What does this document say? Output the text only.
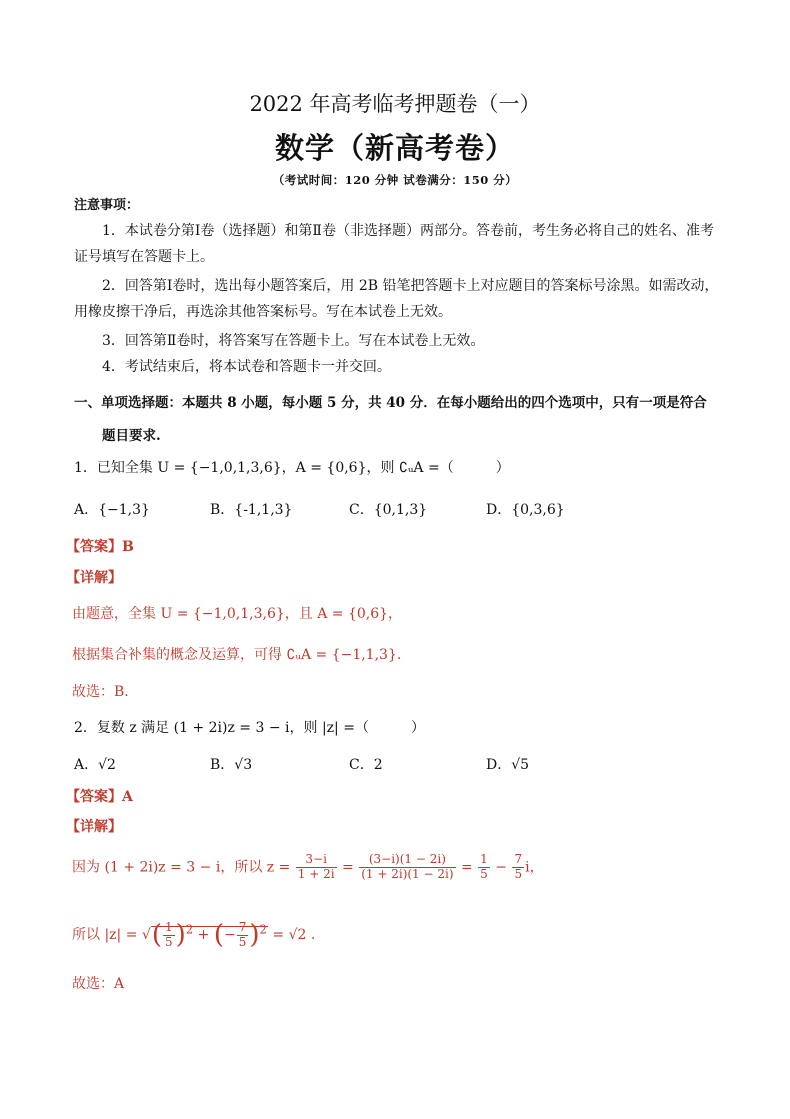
2022 年高考临考押题卷（一）
数学（新高考卷）
（考试时间：120 分钟 试卷满分：150 分）
注意事项：
1．本试卷分第Ⅰ卷（选择题）和第Ⅱ卷（非选择题）两部分。答卷前，考生务必将自己的姓名、准考
证号填写在答题卡上。
2．回答第Ⅰ卷时，选出每小题答案后，用 2B 铅笔把答题卡上对应题目的答案标号涂黑。如需改动，
用橡皮擦干净后，再选涂其他答案标号。写在本试卷上无效。
3．回答第Ⅱ卷时，将答案写在答题卡上。写在本试卷上无效。
4．考试结束后，将本试卷和答题卡一并交回。
一、单项选择题：本题共 8 小题，每小题 5 分，共 40 分．在每小题给出的四个选项中，只有一项是符合
题目要求.
1．已知全集 U = {−1,0,1,3,6}，A = {0,6}，则 ∁ᵤA =（　　　）
A．{−1,3}	B．{-1,1,3}	C．{0,1,3}	D．{0,3,6}
【答案】B
【详解】
由题意，全集 U = {−1,0,1,3,6}，且 A = {0,6}，
根据集合补集的概念及运算，可得 ∁ᵤA = {−1,1,3}.
故选：B.
2．复数 z 满足 (1 + 2i)z = 3 − i，则 |z| =（　　　）
A．√2	B．√3	C．2	D．√5
【答案】A
【详解】
因为 (1 + 2i)z = 3 − i，所以 $z = \frac{3-i}{1 + 2i} = \frac{(3-i)(1 - 2i)}{(1 + 2i)(1 - 2i)} = \frac{1}{5} - \frac{7}{5}$ i，
所以 |z| = √( $\frac{1}{5} )^2$ + (− $\frac{7}{5} )^2 = √2$ .
故选：A
